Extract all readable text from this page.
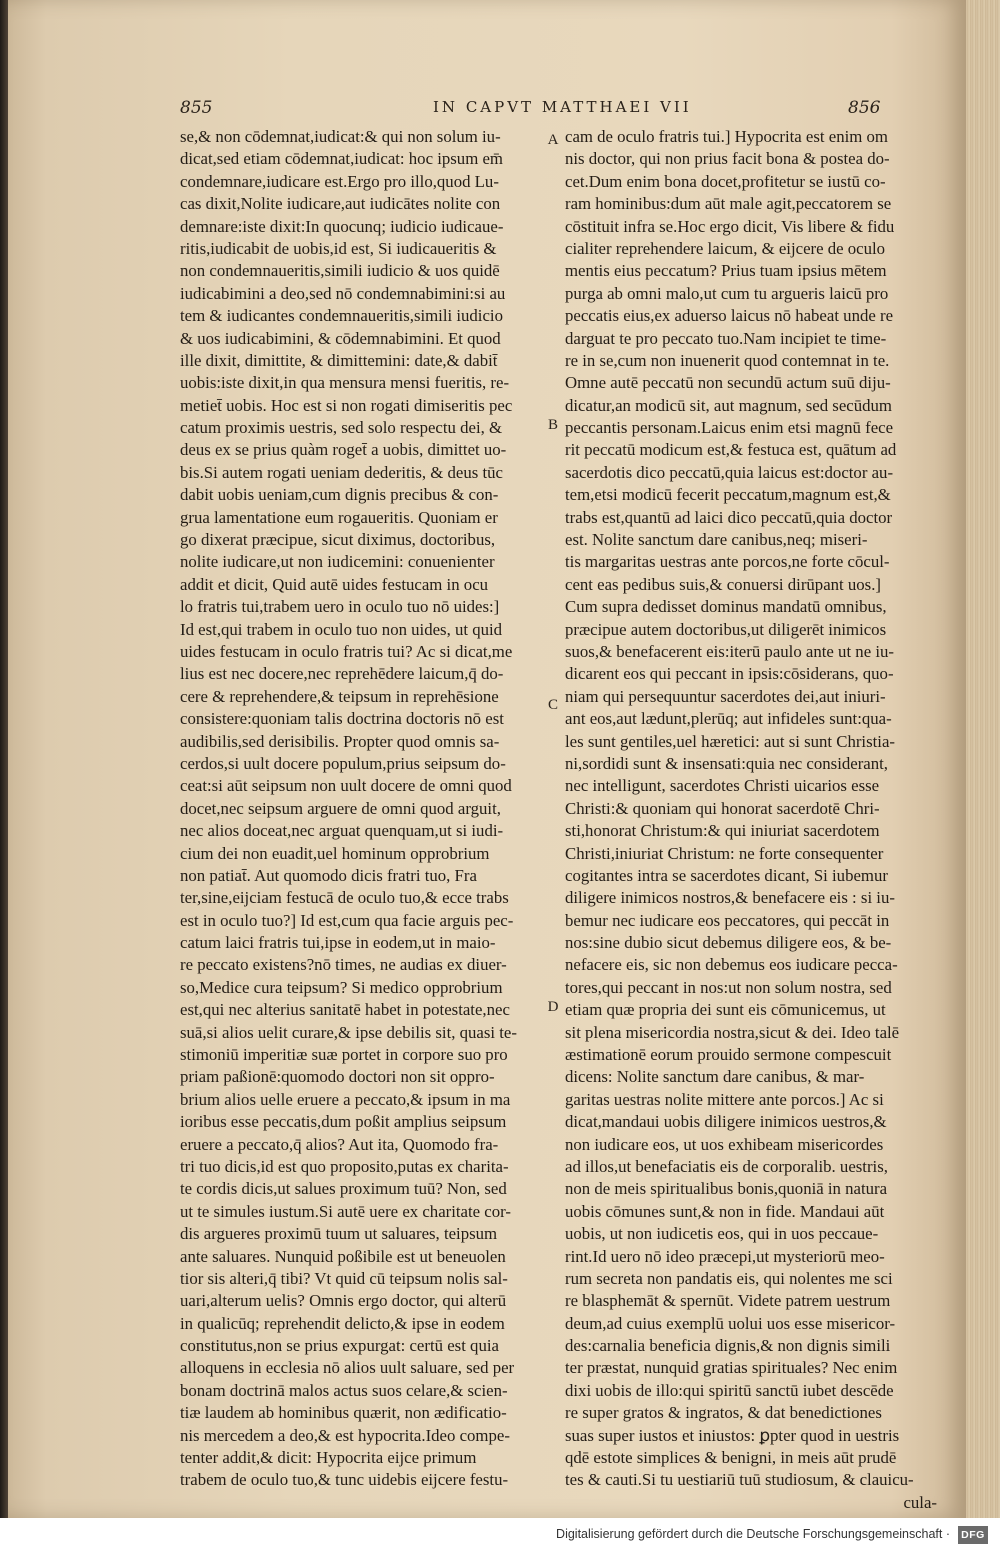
855	IN CAPVT MATTHAEI VII	856
se,& non cōdemnat,iudicat:& qui non solum iu-
dicat,sed etiam cōdemnat,iudicat: hoc ipsum em̄
condemnare,iudicare est.Ergo pro illo,quod Lu-
cas dixit,Nolite iudicare,aut iudicātes nolite con
demnare:iste dixit:In quocunq; iudicio iudicaue-
ritis,iudicabit de uobis,id est, Si iudicaueritis &
non condemnaueritis,simili iudicio & uos quidē
iudicabimini a deo,sed nō condemnabimini:si au
tem & iudicantes condemnaueritis,simili iudicio
& uos iudicabimini, & cōdemnabimini. Et quod
ille dixit, dimittite, & dimittemini: date,& dabit̄
uobis:iste dixit,in qua mensura mensi fueritis, re-
metiet̄ uobis. Hoc est si non rogati dimiseritis pec
catum proximis uestris, sed solo respectu dei, &
deus ex se prius quàm roget̄ a uobis, dimittet uo-
bis.Si autem rogati ueniam dederitis, & deus tūc
dabit uobis ueniam,cum dignis precibus & con-
grua lamentatione eum rogaueritis. Quoniam er
go dixerat præcipue, sicut diximus, doctoribus,
nolite iudicare,ut non iudicemini: conuenienter
addit et dicit, Quid autē uides festucam in ocu
lo fratris tui,trabem uero in oculo tuo nō uides:]
Id est,qui trabem in oculo tuo non uides, ut quid
uides festucam in oculo fratris tui? Ac si dicat,me
lius est nec docere,nec reprehēdere laicum,q̄ do-
cere & reprehendere,& teipsum in reprehēsione
consistere:quoniam talis doctrina doctoris nō est
audibilis,sed derisibilis. Propter quod omnis sa-
cerdos,si uult docere populum,prius seipsum do-
ceat:si aūt seipsum non uult docere de omni quod
docet,nec seipsum arguere de omni quod arguit,
nec alios doceat,nec arguat quenquam,ut si iudi-
cium dei non euadit,uel hominum opprobrium
non patiat̄. Aut quomodo dicis fratri tuo, Fra
ter,sine,eijciam festucā de oculo tuo,& ecce trabs
est in oculo tuo?] Id est,cum qua facie arguis pec-
catum laici fratris tui,ipse in eodem,ut in maio-
re peccato existens?nō times, ne audias ex diuer-
so,Medice cura teipsum? Si medico opprobrium
est,qui nec alterius sanitatē habet in potestate,nec
suā,si alios uelit curare,& ipse debilis sit, quasi te-
stimoniū imperitiæ suæ portet in corpore suo pro
priam paßionē:quomodo doctori non sit oppro-
brium alios uelle eruere a peccato,& ipsum in ma
ioribus esse peccatis,dum poßit amplius seipsum
eruere a peccato,q̄ alios? Aut ita, Quomodo fra-
tri tuo dicis,id est quo proposito,putas ex charita-
te cordis dicis,ut salues proximum tuū? Non, sed
ut te simules iustum.Si autē uere ex charitate cor-
dis argueres proximū tuum ut saluares, teipsum
ante saluares. Nunquid poßibile est ut beneuolen
tior sis alteri,q̄ tibi? Vt quid cū teipsum nolis sal-
uari,alterum uelis? Omnis ergo doctor, qui alterū
in qualicūq; reprehendit delicto,& ipse in eodem
constitutus,non se prius expurgat: certū est quia
alloquens in ecclesia nō alios uult saluare, sed per
bonam doctrinā malos actus suos celare,& scien-
tiæ laudem ab hominibus quærit, non ædificatio-
nis mercedem a deo,& est hypocrita.Ideo compe-
tenter addit,& dicit: Hypocrita eijce primum
trabem de oculo tuo,& tunc uidebis eijcere festu-
cam de oculo fratris tui.] Hypocrita est enim om
nis doctor, qui non prius facit bona & postea do-
cet.Dum enim bona docet,profitetur se iustū co-
ram hominibus:dum aūt male agit,peccatorem se
cōstituit infra se.Hoc ergo dicit, Vis libere & fidu
cialiter reprehendere laicum, & eijcere de oculo
mentis eius peccatum? Prius tuam ipsius mētem
purga ab omni malo,ut cum tu argueris laicū pro
peccatis eius,ex aduerso laicus nō habeat unde re
darguat te pro peccato tuo.Nam incipiet te time-
re in se,cum non inuenerit quod contemnat in te.
Omne autē peccatū non secundū actum suū diju-
dicatur,an modicū sit, aut magnum, sed secūdum
peccantis personam.Laicus enim etsi magnū fece
rit peccatū modicum est,& festuca est, quātum ad
sacerdotis dico peccatū,quia laicus est:doctor au-
tem,etsi modicū fecerit peccatum,magnum est,&
trabs est,quantū ad laici dico peccatū,quia doctor
est. Nolite sanctum dare canibus,neq; miseri-
tis margaritas uestras ante porcos,ne forte cōcul-
cent eas pedibus suis,& conuersi dirūpant uos.]
Cum supra dedisset dominus mandatū omnibus,
præcipue autem doctoribus,ut diligerēt inimicos
suos,& benefacerent eis:iterū paulo ante ut ne iu-
dicarent eos qui peccant in ipsis:cōsiderans, quo-
niam qui persequuntur sacerdotes dei,aut iniuri-
ant eos,aut lædunt,plerūq; aut infideles sunt:qua-
les sunt gentiles,uel hæretici: aut si sunt Christia-
ni,sordidi sunt & insensati:quia nec considerant,
nec intelligunt, sacerdotes Christi uicarios esse
Christi:& quoniam qui honorat sacerdotē Chri-
sti,honorat Christum:& qui iniuriat sacerdotem
Christi,iniuriat Christum: ne forte consequenter
cogitantes intra se sacerdotes dicant, Si iubemur
diligere inimicos nostros,& benefacere eis : si iu-
bemur nec iudicare eos peccatores, qui peccāt in
nos:sine dubio sicut debemus diligere eos, & be-
nefacere eis, sic non debemus eos iudicare pecca-
tores,qui peccant in nos:ut non solum nostra, sed
etiam quæ propria dei sunt eis cōmunicemus, ut
sit plena misericordia nostra,sicut & dei. Ideo talē
æstimationē eorum prouido sermone compescuit
dicens: Nolite sanctum dare canibus, & mar-
garitas uestras nolite mittere ante porcos.] Ac si
dicat,mandaui uobis diligere inimicos uestros,&
non iudicare eos, ut uos exhibeam misericordes
ad illos,ut benefaciatis eis de corporalib. uestris,
non de meis spiritualibus bonis,quoniā in natura
uobis cōmunes sunt,& non in fide. Mandaui aūt
uobis, ut non iudicetis eos, qui in uos peccaue-
rint.Id uero nō ideo præcepi,ut mysteriorū meo-
rum secreta non pandatis eis, qui nolentes me sci
re blasphemāt & spernūt. Videte patrem uestrum
deum,ad cuius exemplū uolui uos esse misericor-
des:carnalia beneficia dignis,& non dignis simili
ter præstat, nunquid gratias spirituales? Nec enim
dixi uobis de illo:qui spiritū sanctū iubet descēde
re super gratos & ingratos, & dat benedictiones
suas super iustos et iniustos: ꝑpter quod in uestris
qdē estote simplices & benigni, in meis aūt prudē
tes & cauti.Si tu uestiariū tuū studiosum, & clauicu-
cula-
A
B
C
D
Digitalisierung gefördert durch die Deutsche Forschungsgemeinschaft ·	DFG
